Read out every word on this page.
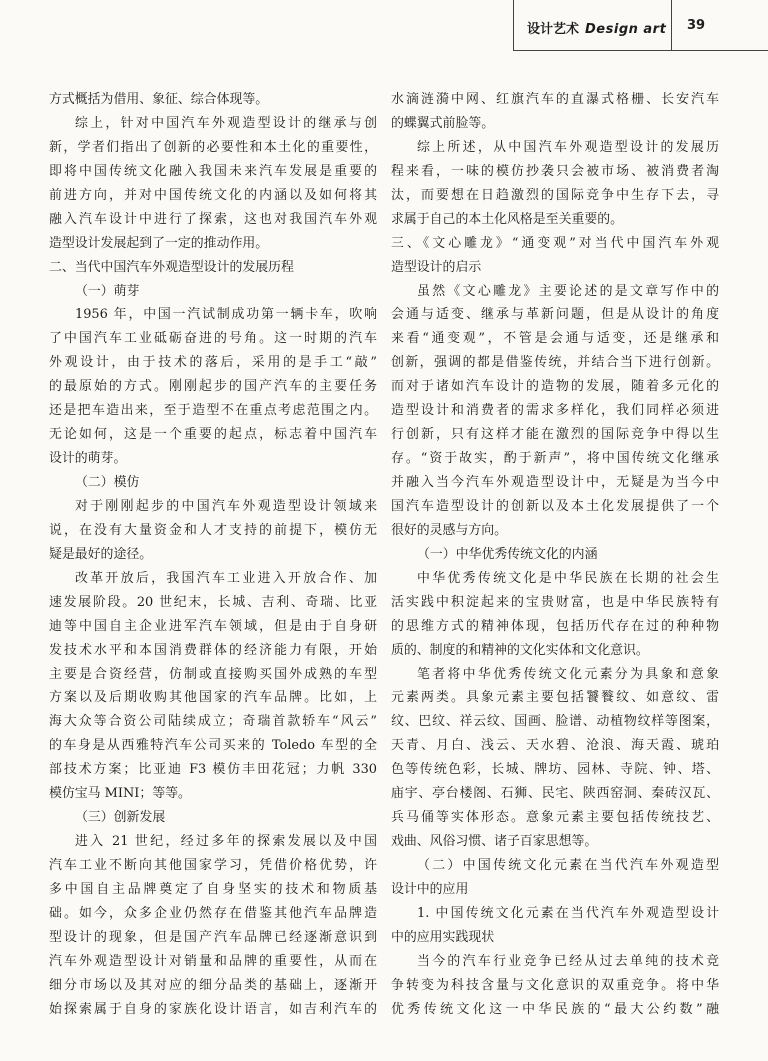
设计艺术 Design art 39
方式概括为借用、象征、综合体现等。
综上，针对中国汽车外观造型设计的继承与创
新，学者们指出了创新的必要性和本土化的重要性，
即将中国传统文化融入我国未来汽车发展是重要的
前进方向，并对中国传统文化的内涵以及如何将其
融入汽车设计中进行了探索，这也对我国汽车外观
造型设计发展起到了一定的推动作用。
二、当代中国汽车外观造型设计的发展历程
（一）萌芽
1956 年，中国一汽试制成功第一辆卡车，吹响
了中国汽车工业砥砺奋进的号角。这一时期的汽车
外观设计，由于技术的落后，采用的是手工“敲”
的最原始的方式。刚刚起步的国产汽车的主要任务
还是把车造出来，至于造型不在重点考虑范围之内。
无论如何，这是一个重要的起点，标志着中国汽车
设计的萌芽。
（二）模仿
对于刚刚起步的中国汽车外观造型设计领域来
说，在没有大量资金和人才支持的前提下，模仿无
疑是最好的途径。
改革开放后，我国汽车工业进入开放合作、加
速发展阶段。20 世纪末，长城、吉利、奇瑞、比亚
迪等中国自主企业进军汽车领域，但是由于自身研
发技术水平和本国消费群体的经济能力有限，开始
主要是合资经营，仿制或直接购买国外成熟的车型
方案以及后期收购其他国家的汽车品牌。比如，上
海大众等合资公司陆续成立；奇瑞首款轿车“风云”
的车身是从西雅特汽车公司买来的 Toledo 车型的全
部技术方案；比亚迪 F3 模仿丰田花冠；力帆 330
模仿宝马 MINI；等等。
（三）创新发展
进入 21 世纪，经过多年的探索发展以及中国
汽车工业不断向其他国家学习，凭借价格优势，许
多中国自主品牌奠定了自身坚实的技术和物质基
础。如今，众多企业仍然存在借鉴其他汽车品牌造
型设计的现象，但是国产汽车品牌已经逐渐意识到
汽车外观造型设计对销量和品牌的重要性，从而在
细分市场以及其对应的细分品类的基础上，逐渐开
始探索属于自身的家族化设计语言，如吉利汽车的
水滴涟漪中网、红旗汽车的直瀑式格栅、长安汽车
的蝶翼式前脸等。
综上所述，从中国汽车外观造型设计的发展历
程来看，一味的模仿抄袭只会被市场、被消费者淘
汰，而要想在日趋激烈的国际竞争中生存下去，寻
求属于自己的本土化风格是至关重要的。
三、《文心雕龙》“通变观”对当代中国汽车外观
造型设计的启示
虽然《文心雕龙》主要论述的是文章写作中的
会通与适变、继承与革新问题，但是从设计的角度
来看“通变观”，不管是会通与适变，还是继承和
创新，强调的都是借鉴传统，并结合当下进行创新。
而对于诸如汽车设计的造物的发展，随着多元化的
造型设计和消费者的需求多样化，我们同样必须进
行创新，只有这样才能在激烈的国际竞争中得以生
存。“资于故实，酌于新声”，将中国传统文化继承
并融入当今汽车外观造型设计中，无疑是为当今中
国汽车造型设计的创新以及本土化发展提供了一个
很好的灵感与方向。
（一）中华优秀传统文化的内涵
中华优秀传统文化是中华民族在长期的社会生
活实践中积淀起来的宝贵财富，也是中华民族特有
的思维方式的精神体现，包括历代存在过的种种物
质的、制度的和精神的文化实体和文化意识。
笔者将中华优秀传统文化元素分为具象和意象
元素两类。具象元素主要包括饕餮纹、如意纹、雷
纹、巴纹、祥云纹、国画、脸谱、动植物纹样等图案，
天青、月白、浅云、天水碧、沧浪、海天霞、琥珀
色等传统色彩，长城、牌坊、园林、寺院、钟、塔、
庙宇、亭台楼阁、石狮、民宅、陕西窑洞、秦砖汉瓦、
兵马俑等实体形态。意象元素主要包括传统技艺、
戏曲、风俗习惯、诸子百家思想等。
（二）中国传统文化元素在当代汽车外观造型
设计中的应用
1. 中国传统文化元素在当代汽车外观造型设计
中的应用实践现状
当今的汽车行业竞争已经从过去单纯的技术竞
争转变为科技含量与文化意识的双重竞争。将中华
优秀传统文化这一中华民族的“最大公约数”融
